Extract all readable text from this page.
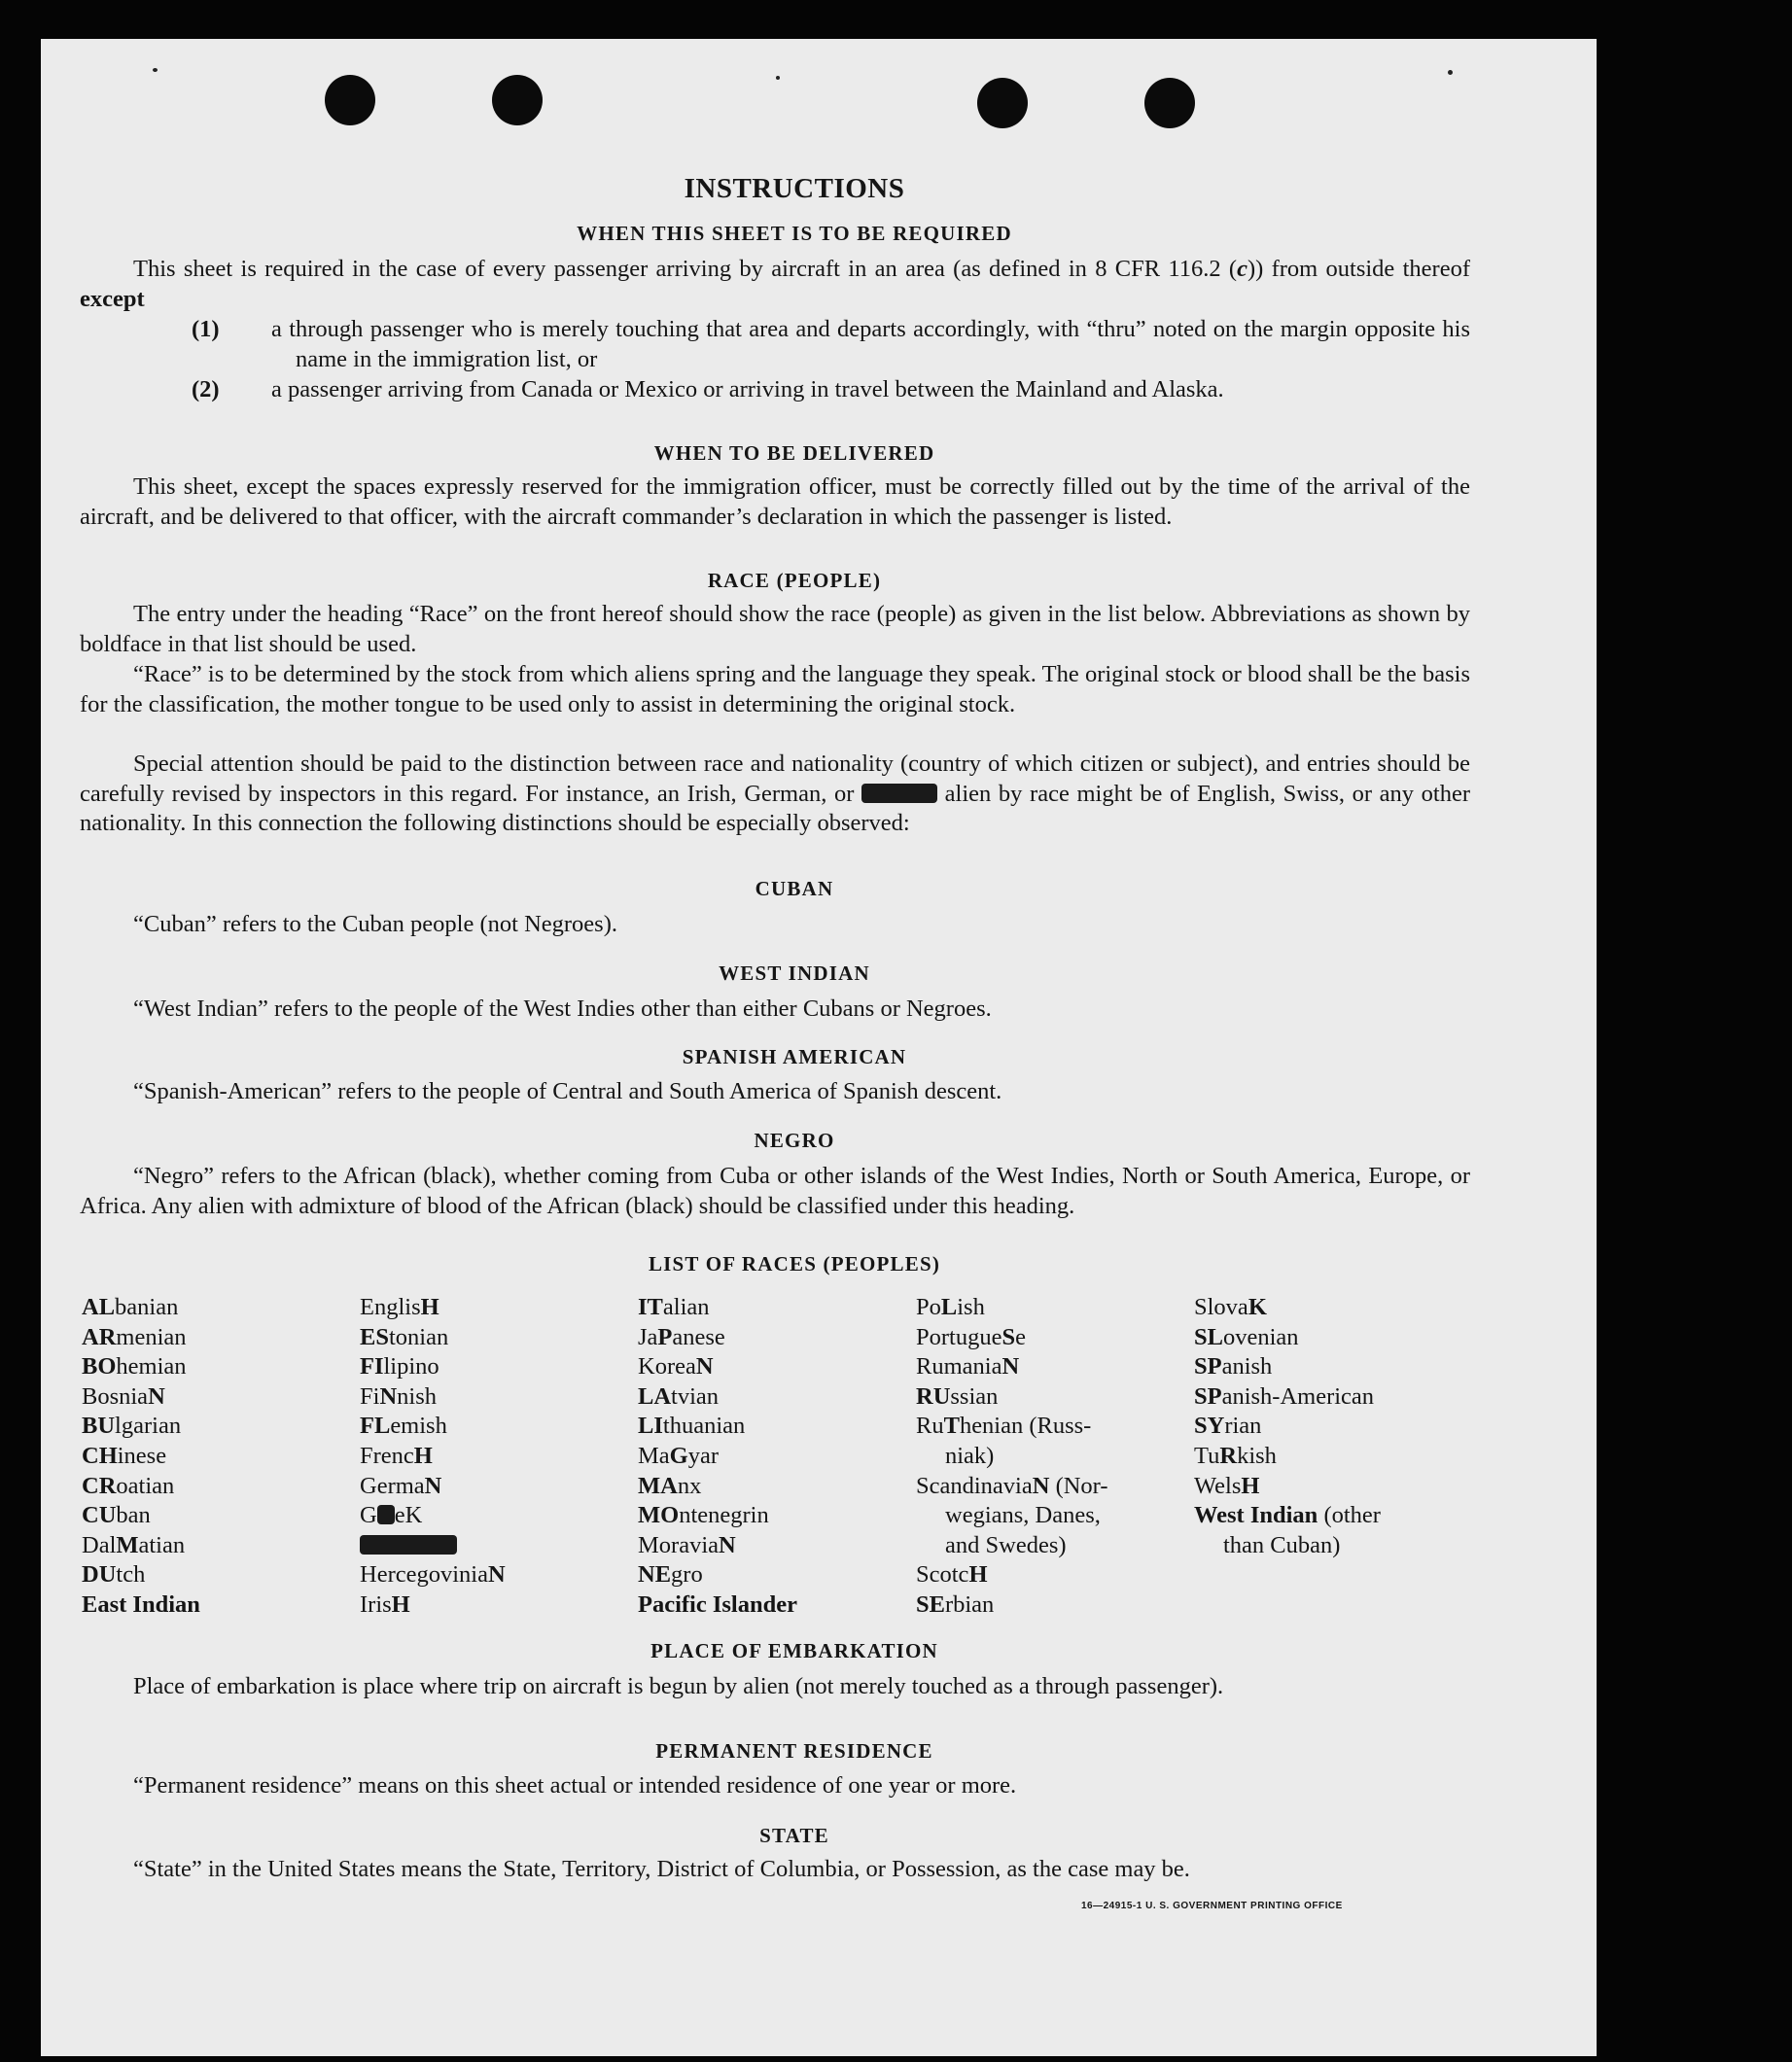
INSTRUCTIONS
WHEN THIS SHEET IS TO BE REQUIRED
This sheet is required in the case of every passenger arriving by aircraft in an area (as defined in 8 CFR 116.2 (c)) from outside thereof except
(1) a through passenger who is merely touching that area and departs accordingly, with “thru” noted on the margin opposite his name in the immigration list, or
(2) a passenger arriving from Canada or Mexico or arriving in travel between the Mainland and Alaska.
WHEN TO BE DELIVERED
This sheet, except the spaces expressly reserved for the immigration officer, must be correctly filled out by the time of the arrival of the aircraft, and be delivered to that officer, with the aircraft commander’s declaration in which the passenger is listed.
RACE (PEOPLE)
The entry under the heading “Race” on the front hereof should show the race (people) as given in the list below. Abbreviations as shown by boldface in that list should be used.
“Race” is to be determined by the stock from which aliens spring and the language they speak. The original stock or blood shall be the basis for the classification, the mother tongue to be used only to assist in determining the original stock.
Special attention should be paid to the distinction between race and nationality (country of which citizen or subject), and entries should be carefully revised by inspectors in this regard. For instance, an Irish, German, or	alien by race might be of English, Swiss, or any other nationality. In this connection the following distinctions should be especially observed:
CUBAN
“Cuban” refers to the Cuban people (not Negroes).
WEST INDIAN
“West Indian” refers to the people of the West Indies other than either Cubans or Negroes.
SPANISH AMERICAN
“Spanish-American” refers to the people of Central and South America of Spanish descent.
NEGRO
“Negro” refers to the African (black), whether coming from Cuba or other islands of the West Indies, North or South America, Europe, or Africa. Any alien with admixture of blood of the African (black) should be classified under this heading.
LIST OF RACES (PEOPLES)
ALbanian
ARmenian
BOhemian
BosniaN
BUlgarian
CHinese
CRoatian
CUban
DalMatian
DUtch
East Indian
EnglisH
EStonian
FIlipino
FiNnish
FLemish
FrencH
GermaN
G eK
HercegoviniaN
IrisH
ITalian
JaPanese
KoreaN
LAtvian
LIthuanian
MaGyar
MAnx
MOntenegrin
MoraviaN
NEgro
Pacific Islander
PoLish
PortugueSe
RumaniaN
RUssian
RuThenian (Russ-
niak)
ScandinaviaN (Nor-
wegians, Danes,
and Swedes)
ScotcH
SErbian
SlovaK
SLovenian
SPanish
SPanish-American
SYrian
TuRkish
WelsH
West Indian (other
than Cuban)
PLACE OF EMBARKATION
Place of embarkation is place where trip on aircraft is begun by alien (not merely touched as a through passenger).
PERMANENT RESIDENCE
“Permanent residence” means on this sheet actual or intended residence of one year or more.
STATE
“State” in the United States means the State, Territory, District of Columbia, or Possession, as the case may be.
16—24915-1 U. S. GOVERNMENT PRINTING OFFICE
